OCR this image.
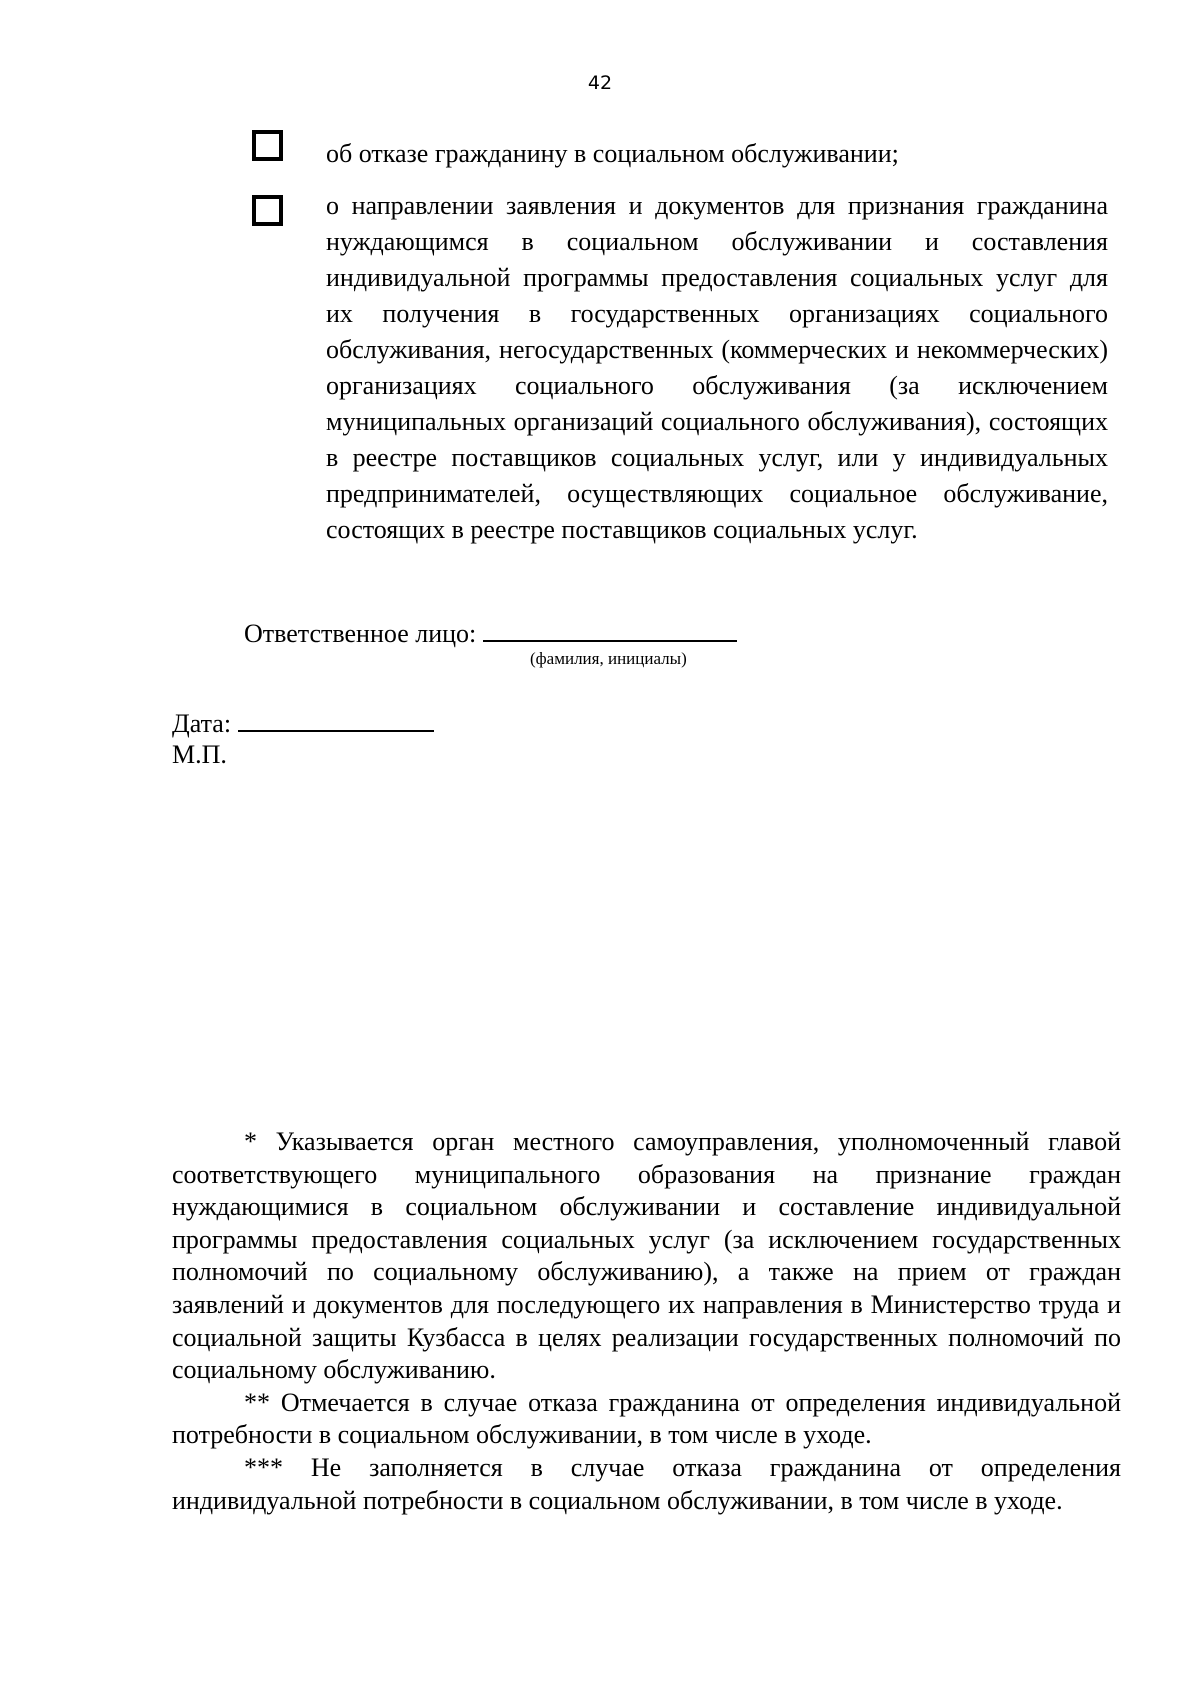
42
об отказе гражданину в социальном обслуживании;
о направлении заявления и документов для признания гражданина нуждающимся в социальном обслуживании и составления индивидуальной программы предоставления социальных услуг для их получения в государственных организациях социального обслуживания, негосударственных (коммерческих и некоммерческих) организациях социального обслуживания (за исключением муниципальных организаций социального обслуживания), состоящих в реестре поставщиков социальных услуг, или у индивидуальных предпринимателей, осуществляющих социальное обслуживание, состоящих в реестре поставщиков социальных услуг.
Ответственное лицо:
(фамилия, инициалы)
Дата:
М.П.

* Указывается орган местного самоуправления, уполномоченный главой соответствующего муниципального образования на признание граждан нуждающимися в социальном обслуживании и составление индивидуальной программы предоставления социальных услуг (за исключением государственных полномочий по социальному обслуживанию), а также на прием от граждан заявлений и документов для последующего их направления в Министерство труда и социальной защиты Кузбасса в целях реализации государственных полномочий по социальному обслуживанию.

** Отмечается в случае отказа гражданина от определения индивидуальной потребности в социальном обслуживании, в том числе в уходе.

*** Не заполняется в случае отказа гражданина от определения индивидуальной потребности в социальном обслуживании, в том числе в уходе.
